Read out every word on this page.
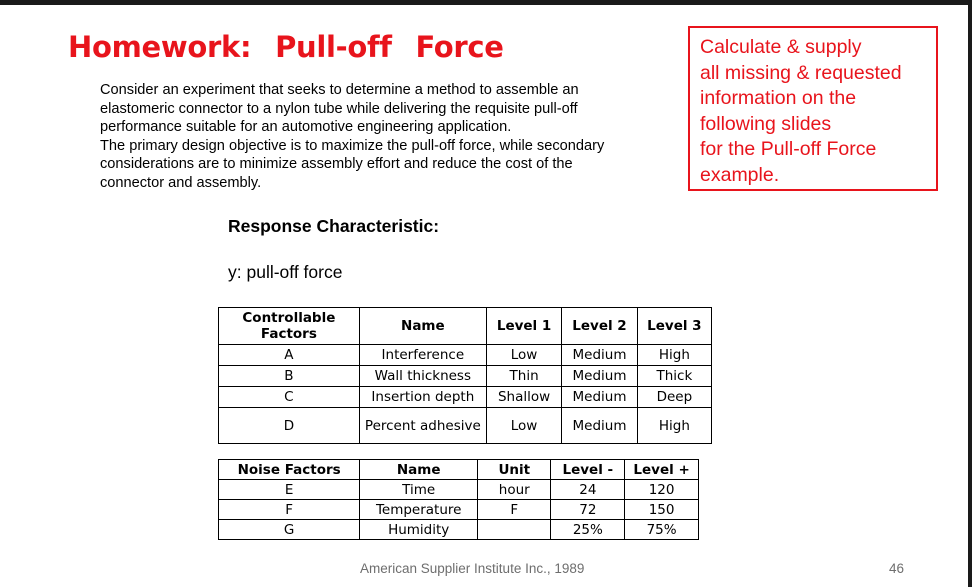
Homework: Pull-off Force

Consider an experiment that seeks to determine a method to assemble an elastomeric connector to a nylon tube while delivering the requisite pull-off performance suitable for an automotive engineering application.

The primary design objective is to maximize the pull-off force, while secondary considerations are to minimize assembly effort and reduce the cost of the connector and assembly.

Calculate & supply
all missing & requested
information on the
following slides
for the Pull-off Force
example.
Response Characteristic:
y: pull-off force
Controllable Factors	Name	Level 1	Level 2	Level 3
A	Interference	Low	Medium	High
B	Wall thickness	Thin	Medium	Thick
C	Insertion depth	Shallow	Medium	Deep
D	Percent adhesive	Low	Medium	High
Noise Factors	Name	Unit	Level -	Level +
E	Time	hour	24	120
F	Temperature	F	72	150
G	Humidity		25%	75%
American Supplier Institute Inc., 1989	46
